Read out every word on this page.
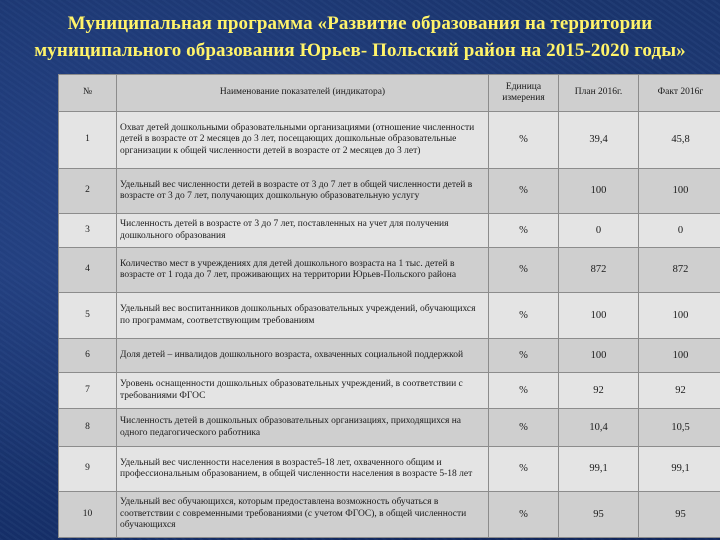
Муниципальная программа «Развитие образования на территории
муниципального образования Юрьев- Польский район на 2015-2020 годы»
№	Наименование показателей (индикатора)	Единица измерения	План 2016г.	Факт 2016г
1	Охват детей дошкольными образовательными организациями (отношение численности детей в возрасте от 2 месяцев до 3 лет, посещающих дошкольные образовательные организации к общей численности детей в возрасте от 2 месяцев до 3 лет)	%	39,4	45,8
2	Удельный вес численности детей в возрасте от 3 до 7 лет в общей численности детей в возрасте от 3 до 7 лет, получающих дошкольную образовательную услугу	%	100	100
3	Численность детей в возрасте от 3 до 7 лет, поставленных на учет для получения дошкольного образования	%	0	0
4	Количество мест в учреждениях для детей дошкольного возраста на 1 тыс. детей в возрасте от 1 года до 7 лет, проживающих на территории Юрьев-Польского района	%	872	872
5	Удельный вес воспитанников дошкольных образовательных учреждений, обучающихся по программам, соответствующим требованиям	%	100	100
6	Доля детей – инвалидов дошкольного возраста, охваченных социальной поддержкой	%	100	100
7	Уровень оснащенности дошкольных образовательных учреждений, в соответствии с требованиями ФГОС	%	92	92
8	Численность детей в дошкольных образовательных организациях, приходящихся на одного педагогического работника	%	10,4	10,5
9	Удельный вес численности населения в возрасте5-18 лет, охваченного общим и профессиональным образованием, в общей численности населения в возрасте 5-18 лет	%	99,1	99,1
10	Удельный вес обучающихся, которым предоставлена возможность обучаться в соответствии с современными требованиями (с учетом ФГОС), в общей численности обучающихся	%	95	95
